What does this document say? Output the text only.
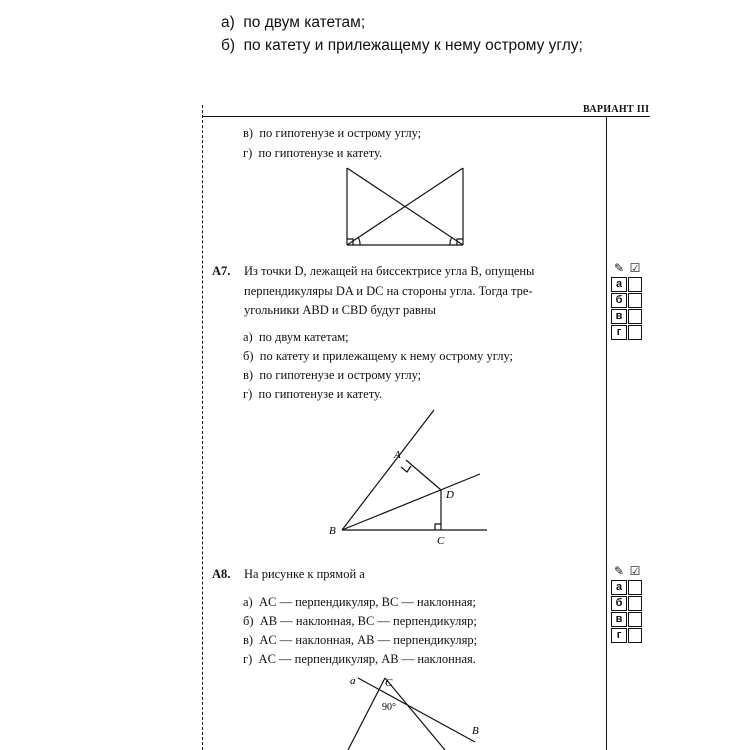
а)  по двум катетам;
б)  по катету и прилежащему к нему острому углу;
ВАРИАНТ III
в)  по гипотенузе и острому углу;
г)  по гипотенузе и катету.
A7. Из точки D, лежащей на биссектрисе угла B, опущены
перпендикуляры DA и DC на стороны угла. Тогда тре-
угольники ABD и CBD будут равны
а)  по двум катетам;
б)  по катету и прилежащему к нему острому углу;
в)  по гипотенузе и острому углу;
г)  по гипотенузе и катету.
✎ ☑
а
б
в
г
A
B
C
D
A8. На рисунке к прямой a
а)  AC — перпендикуляр, BC — наклонная;
б)  AB — наклонная, BC — перпендикуляр;
в)  AC — наклонная, AB — перпендикуляр;
г)  AC — перпендикуляр, AB — наклонная.
✎ ☑
а
б
в
г
a	C
90°
B
